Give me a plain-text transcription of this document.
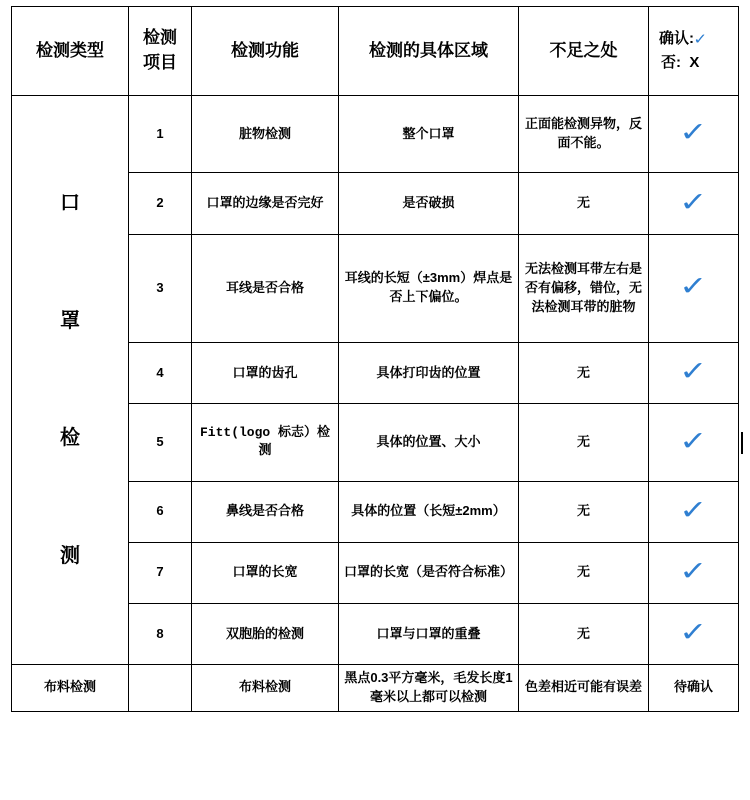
检测类型	检测项目	检测功能	检测的具体区域	不足之处	确认:✓
否: X

口
罩
检
测	1	脏物检测	整个口罩	正面能检测异物，反面不能。	✓
	2	口罩的边缘是否完好	是否破损	无	✓
	3	耳线是否合格	耳线的长短（±3mm）焊点是否上下偏位。	无法检测耳带左右是否有偏移，错位，无法检测耳带的脏物	✓
	4	口罩的齿孔	具体打印齿的位置	无	✓
	5	Fitt(logo 标志）检测	具体的位置、大小	无	✓
	6	鼻线是否合格	具体的位置（长短±2mm）	无	✓
	7	口罩的长宽	口罩的长宽（是否符合标准）	无	✓
	8	双胞胎的检测	口罩与口罩的重叠	无	✓
布料检测		布料检测	黑点0.3平方毫米，毛发长度1毫米以上都可以检测	色差相近可能有误差	待确认
